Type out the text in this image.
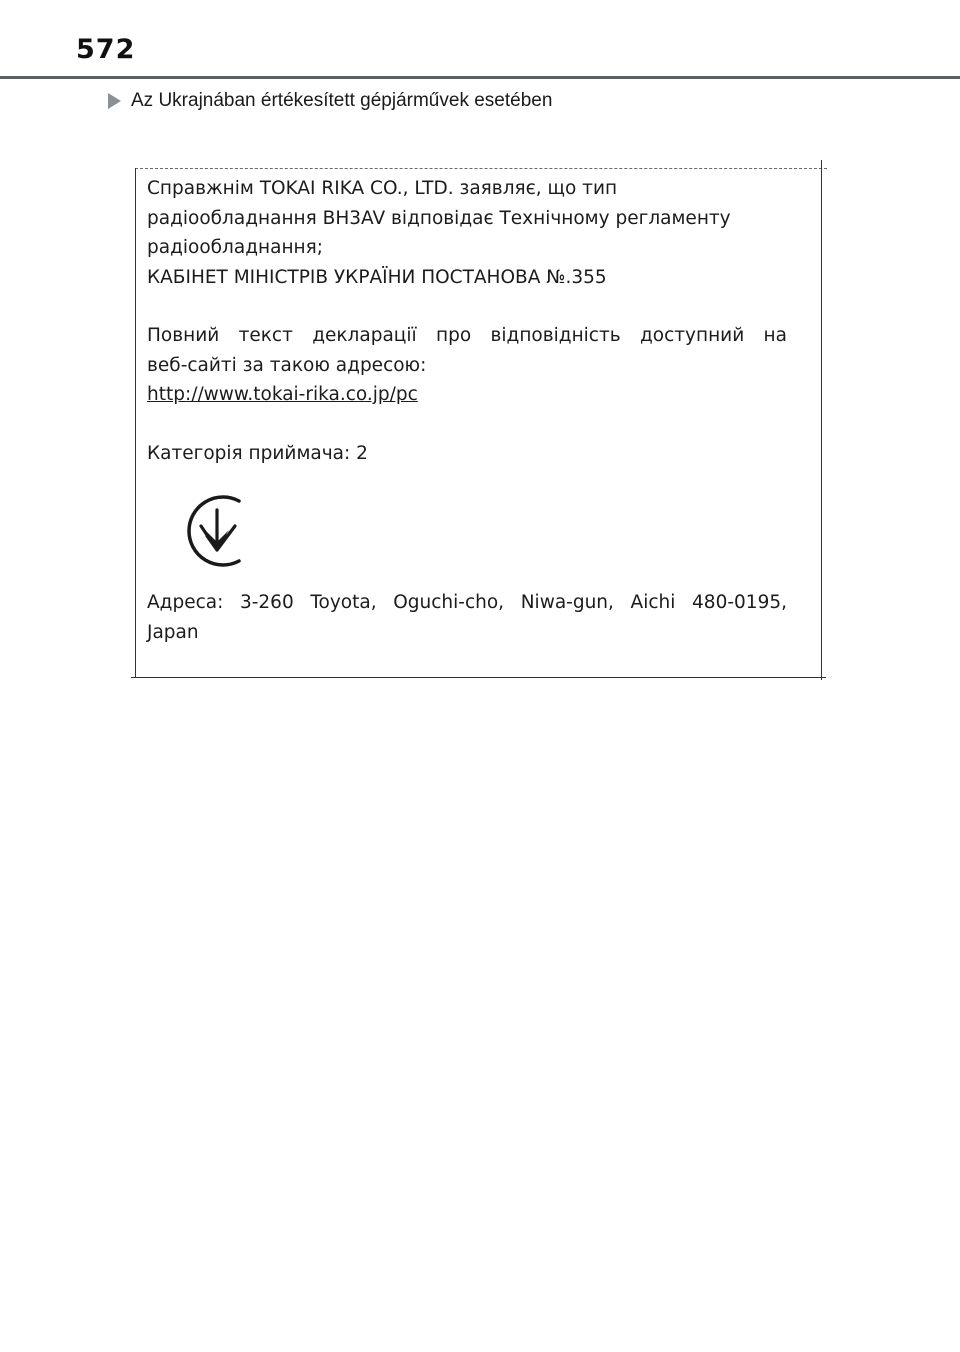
572
Az Ukrajnában értékesített gépjárművek esetében

Справжнім TOKAI RIKA CO., LTD. заявляє, що тип

радіообладнання BH3AV відповідає Технічному регламенту

радіообладнання;

КАБІНЕТ МІНІСТРІВ УКРАЇНИ ПОСТАНОВА №.355

Повний текст декларації про відповідність доступний на

веб-сайті за такою адресою:

http://www.tokai-rika.co.jp/pc

Категорія приймача: 2

Адреса: 3-260 Toyota, Oguchi-cho, Niwa-gun, Aichi 480-0195,

Japan
